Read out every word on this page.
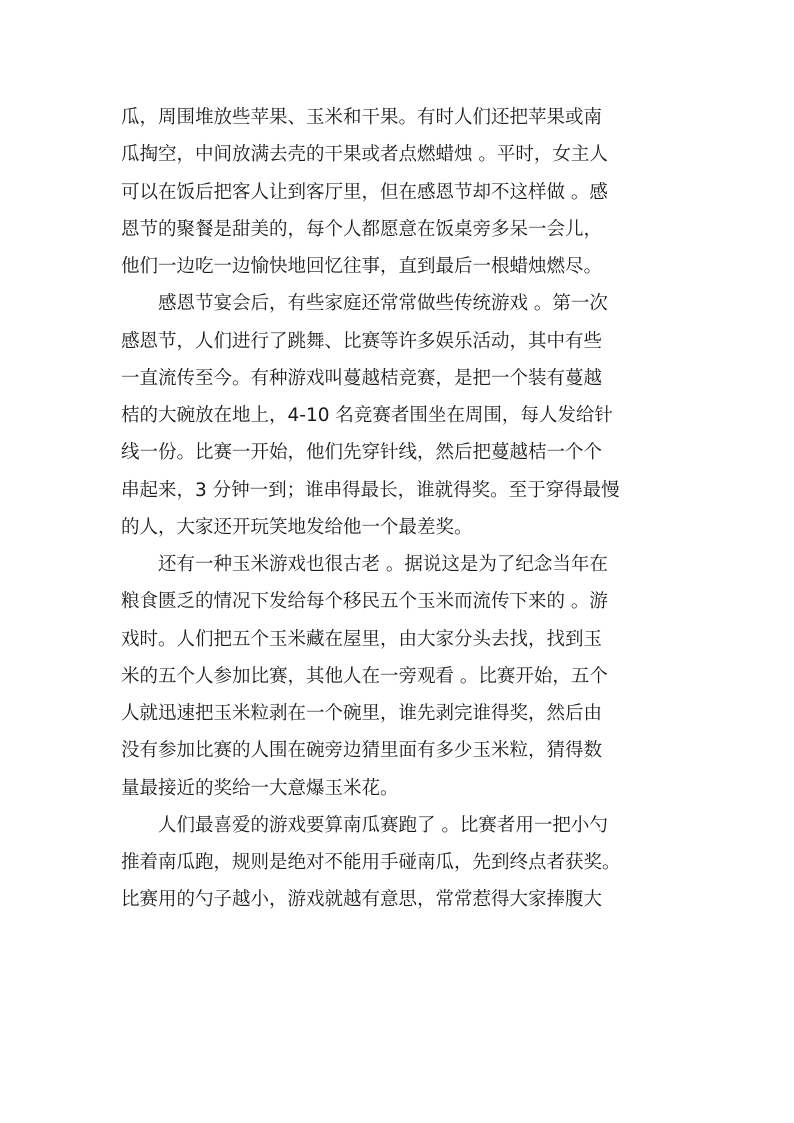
瓜，周围堆放些苹果、玉米和干果。有时人们还把苹果或南
瓜掏空，中间放满去壳的干果或者点燃蜡烛 。平时，女主人
可以在饭后把客人让到客厅里，但在感恩节却不这样做 。感
恩节的聚餐是甜美的，每个人都愿意在饭桌旁多呆一会儿，
他们一边吃一边愉快地回忆往事，直到最后一根蜡烛燃尽。
感恩节宴会后，有些家庭还常常做些传统游戏 。第一次
感恩节，人们进行了跳舞、比赛等许多娱乐活动，其中有些
一直流传至今。有种游戏叫蔓越桔竞赛，是把一个装有蔓越
桔的大碗放在地上，4-10 名竞赛者围坐在周围，每人发给针
线一份。比赛一开始，他们先穿针线，然后把蔓越桔一个个
串起来，3 分钟一到；谁串得最长，谁就得奖。至于穿得最慢
的人，大家还开玩笑地发给他一个最差奖。
还有一种玉米游戏也很古老 。据说这是为了纪念当年在
粮食匮乏的情况下发给每个移民五个玉米而流传下来的 。游
戏时。人们把五个玉米藏在屋里，由大家分头去找，找到玉
米的五个人参加比赛，其他人在一旁观看 。比赛开始，五个
人就迅速把玉米粒剥在一个碗里，谁先剥完谁得奖，然后由
没有参加比赛的人围在碗旁边猜里面有多少玉米粒，猜得数
量最接近的奖给一大意爆玉米花。
人们最喜爱的游戏要算南瓜赛跑了 。比赛者用一把小勺
推着南瓜跑，规则是绝对不能用手碰南瓜，先到终点者获奖。
比赛用的勺子越小，游戏就越有意思，常常惹得大家捧腹大
